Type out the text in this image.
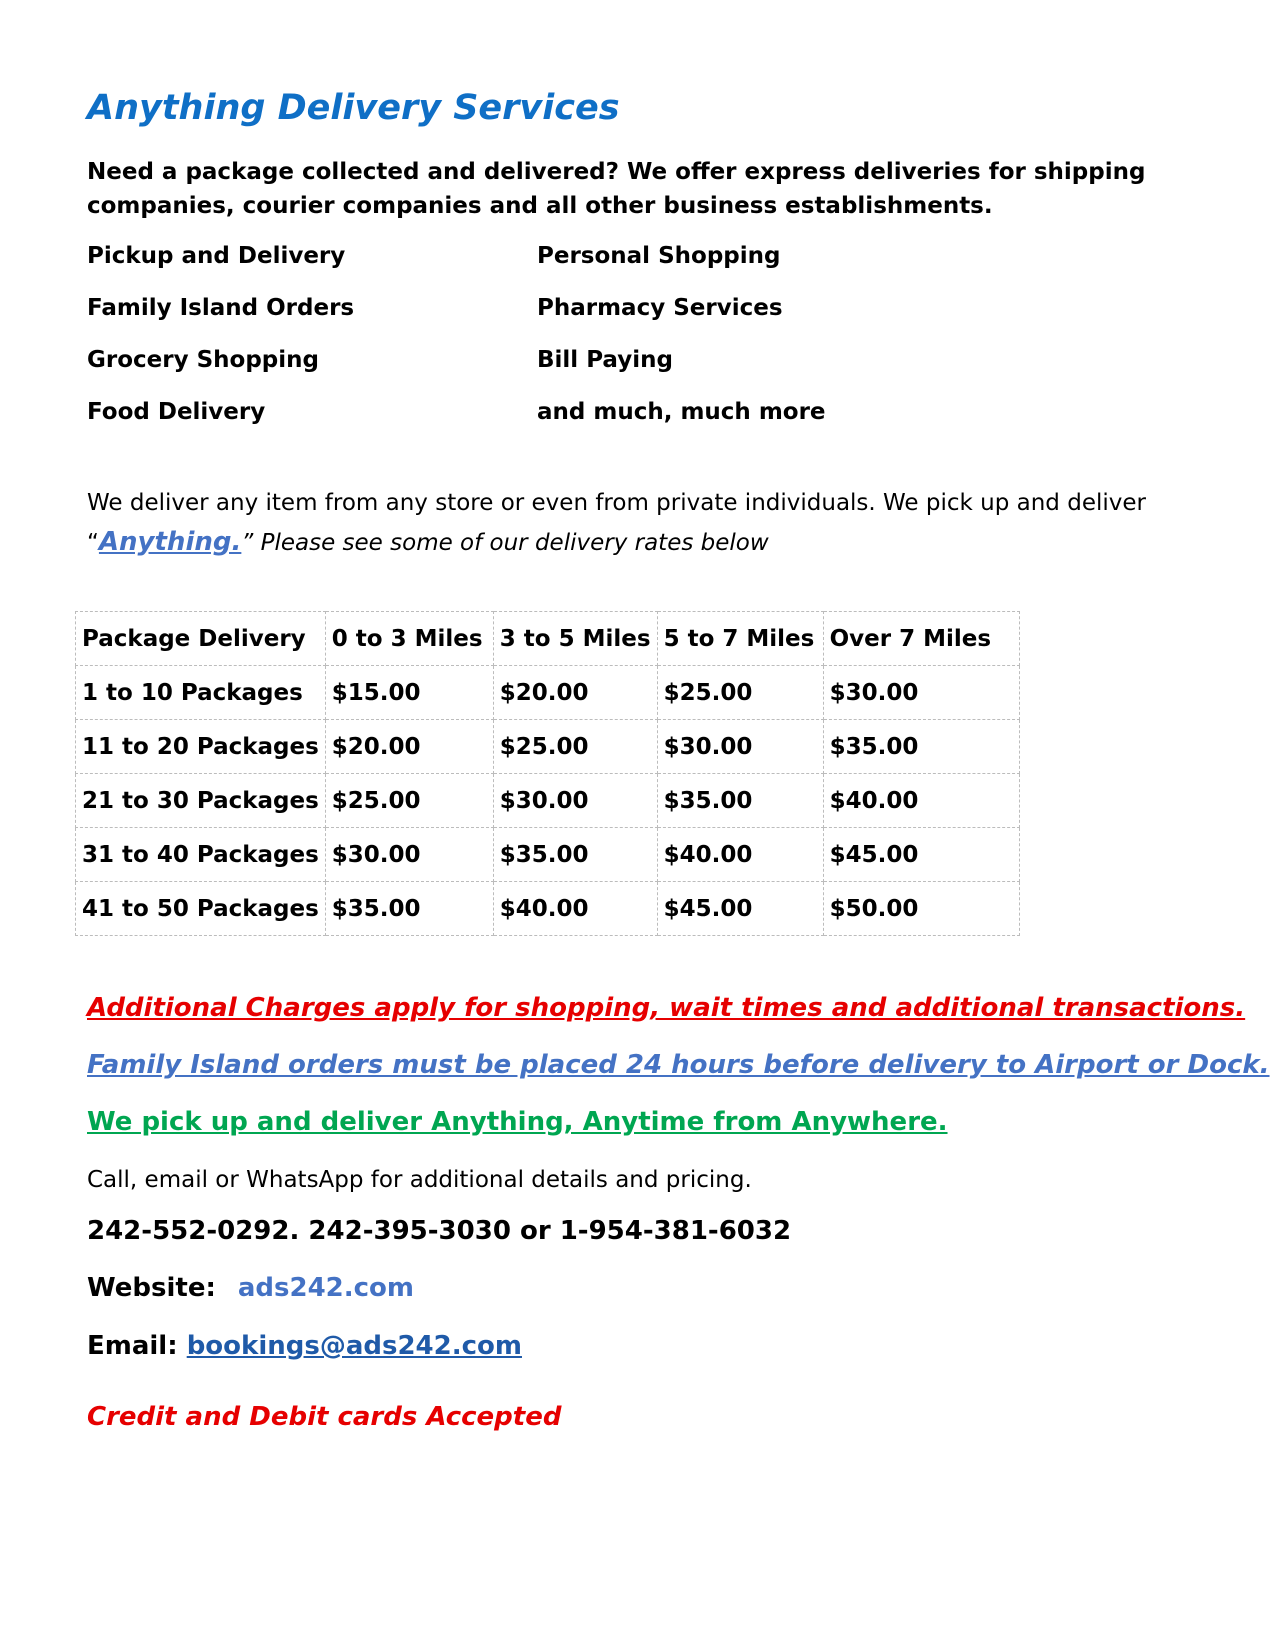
Anything Delivery Services

Need a package collected and delivered? We offer express deliveries for shipping companies, courier companies and all other business establishments.

Pickup and Delivery	Personal Shopping

Family Island Orders	Pharmacy Services

Grocery Shopping	Bill Paying

Food Delivery	and much, much more

We deliver any item from any store or even from private individuals. We pick up and deliver
“Anything.” Please see some of our delivery rates below

Package Delivery	0 to 3 Miles	3 to 5 Miles	5 to 7 Miles	Over 7 Miles
1 to 10 Packages	$15.00	$20.00	$25.00	$30.00
11 to 20 Packages	$20.00	$25.00	$30.00	$35.00
21 to 30 Packages	$25.00	$30.00	$35.00	$40.00
31 to 40 Packages	$30.00	$35.00	$40.00	$45.00
41 to 50 Packages	$35.00	$40.00	$45.00	$50.00

Additional Charges apply for shopping, wait times and additional transactions.

Family Island orders must be placed 24 hours before delivery to Airport or Dock.

We pick up and deliver Anything, Anytime from Anywhere.

Call, email or WhatsApp for additional details and pricing.

242-552-0292. 242-395-3030 or 1-954-381-6032

Website: ads242.com

Email: bookings@ads242.com

Credit and Debit cards Accepted
